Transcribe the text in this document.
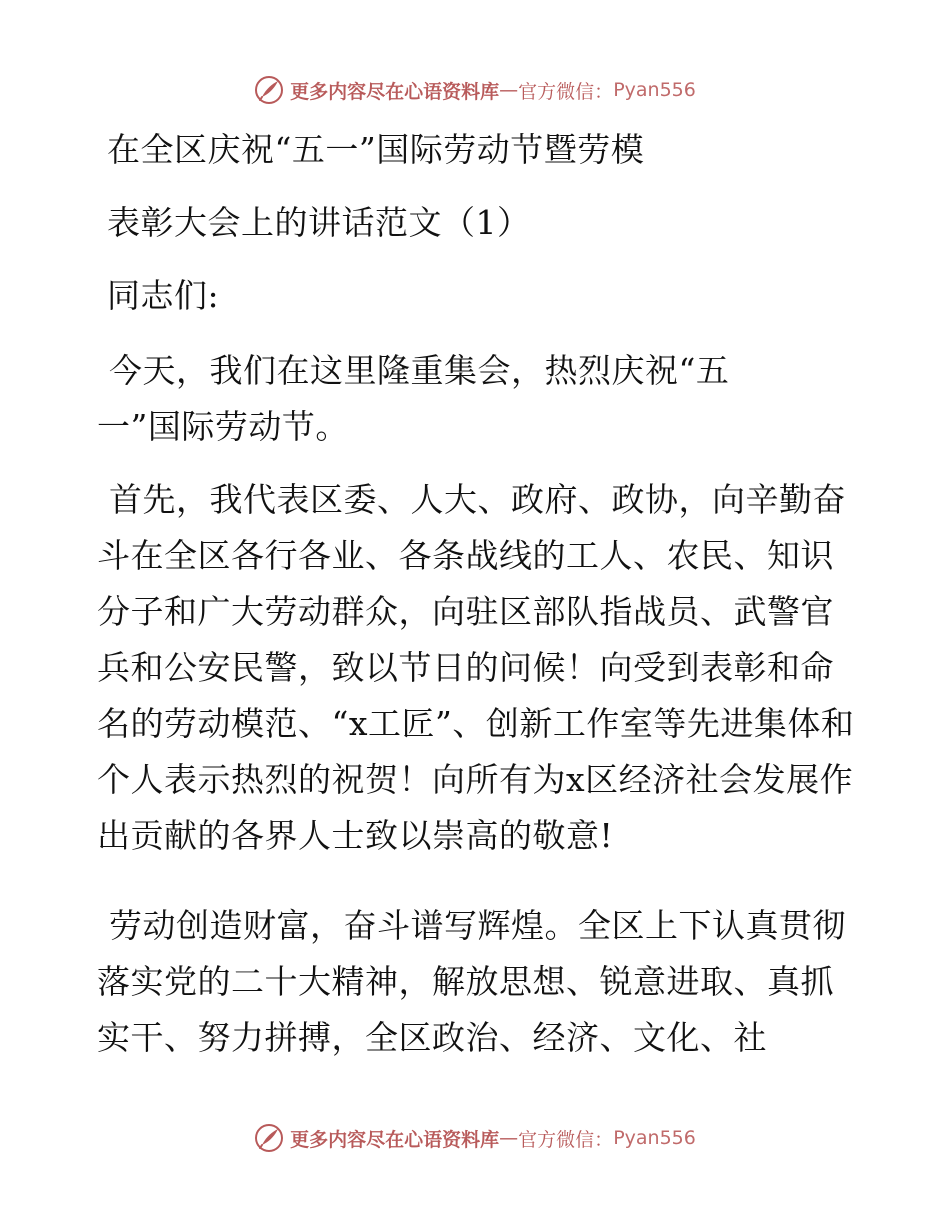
更多内容尽在心语资料库 — 官方微信： Pyan556
在全区庆祝“五一”国际劳动节暨劳模
表彰大会上的讲话范文（1）
同志们:
今天，我们在这里隆重集会，热烈庆祝“五一”国际劳动节。
首先，我代表区委、人大、政府、政协，向辛勤奋斗在全区各行各业、各条战线的工人、农民、知识分子和广大劳动群众，向驻区部队指战员、武警官兵和公安民警，致以节日的问候！向受到表彰和命名的劳动模范、“x工匠”、创新工作室等先进集体和个人表示热烈的祝贺！向所有为x区经济社会发展作出贡献的各界人士致以崇高的敬意!
劳动创造财富，奋斗谱写辉煌。全区上下认真贯彻落实党的二十大精神，解放思想、锐意进取、真抓实干、努力拼搏，全区政治、经济、文化、社
更多内容尽在心语资料库 — 官方微信： Pyan556
